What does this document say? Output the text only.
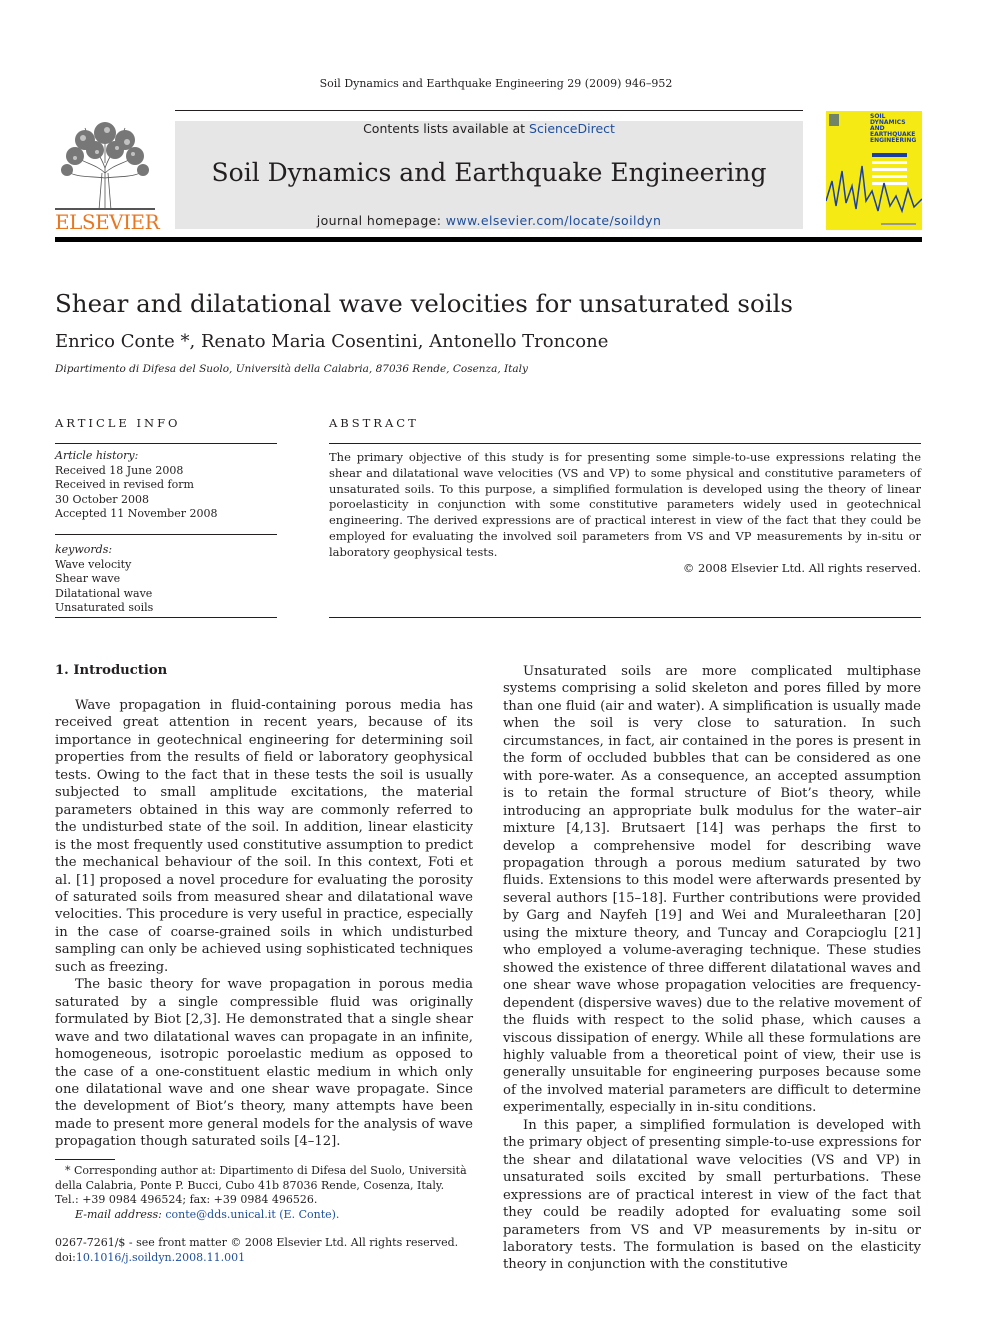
Soil Dynamics and Earthquake Engineering 29 (2009) 946–952
ELSEVIER
Contents lists available at ScienceDirect
Soil Dynamics and Earthquake Engineering
journal homepage: www.elsevier.com/locate/soildyn
SOIL DYNAMICS AND EARTHQUAKE ENGINEERING
Shear and dilatational wave velocities for unsaturated soils
Enrico Conte *, Renato Maria Cosentini, Antonello Troncone
Dipartimento di Difesa del Suolo, Università della Calabria, 87036 Rende, Cosenza, Italy
ARTICLE INFO
Article history:
Received 18 June 2008
Received in revised form
30 October 2008
Accepted 11 November 2008
keywords:
Wave velocity
Shear wave
Dilatational wave
Unsaturated soils
ABSTRACT

The primary objective of this study is for presenting some simple-to-use expressions relating the shear and dilatational wave velocities (VS and VP) to some physical and constitutive parameters of unsaturated soils. To this purpose, a simplified formulation is developed using the theory of linear poroelasticity in conjunction with some constitutive parameters widely used in geotechnical engineering. The derived expressions are of practical interest in view of the fact that they could be employed for evaluating the involved soil parameters from VS and VP measurements by in-situ or laboratory geophysical tests.

© 2008 Elsevier Ltd. All rights reserved.

1. Introduction

Wave propagation in fluid-containing porous media has received great attention in recent years, because of its importance in geotechnical engineering for determining soil properties from the results of field or laboratory geophysical tests. Owing to the fact that in these tests the soil is usually subjected to small amplitude excitations, the material parameters obtained in this way are commonly referred to the undisturbed state of the soil. In addition, linear elasticity is the most frequently used constitutive assumption to predict the mechanical behaviour of the soil. In this context, Foti et al. [1] proposed a novel procedure for evaluating the porosity of saturated soils from measured shear and dilatational wave velocities. This procedure is very useful in practice, especially in the case of coarse-grained soils in which undisturbed sampling can only be achieved using sophisticated techniques such as freezing.

The basic theory for wave propagation in porous media saturated by a single compressible fluid was originally formulated by Biot [2,3]. He demonstrated that a single shear wave and two dilatational waves can propagate in an infinite, homogeneous, isotropic poroelastic medium as opposed to the case of a one-constituent elastic medium in which only one dilatational wave and one shear wave propagate. Since the development of Biot’s theory, many attempts have been made to present more general models for the analysis of wave propagation though saturated soils [4–12].

Unsaturated soils are more complicated multiphase systems comprising a solid skeleton and pores filled by more than one fluid (air and water). A simplification is usually made when the soil is very close to saturation. In such circumstances, in fact, air contained in the pores is present in the form of occluded bubbles that can be considered as one with pore-water. As a consequence, an accepted assumption is to retain the formal structure of Biot’s theory, while introducing an appropriate bulk modulus for the water–air mixture [4,13]. Brutsaert [14] was perhaps the first to develop a comprehensive model for describing wave propagation through a porous medium saturated by two fluids. Extensions to this model were afterwards presented by several authors [15–18]. Further contributions were provided by Garg and Nayfeh [19] and Wei and Muraleetharan [20] using the mixture theory, and Tuncay and Corapcioglu [21] who employed a volume-averaging technique. These studies showed the existence of three different dilatational waves and one shear wave whose propagation velocities are frequency-dependent (dispersive waves) due to the relative movement of the fluids with respect to the solid phase, which causes a viscous dissipation of energy. While all these formulations are highly valuable from a theoretical point of view, their use is generally unsuitable for engineering purposes because some of the involved material parameters are difficult to determine experimentally, especially in in-situ conditions.

In this paper, a simplified formulation is developed with the primary object of presenting simple-to-use expressions for the shear and dilatational wave velocities (VS and VP) in unsaturated soils excited by small perturbations. These expressions are of practical interest in view of the fact that they could be readily adopted for evaluating some soil parameters from VS and VP measurements by in-situ or laboratory tests. The formulation is based on the elasticity theory in conjunction with the constitutive

* Corresponding author at: Dipartimento di Difesa del Suolo, Università della Calabria, Ponte P. Bucci, Cubo 41b 87036 Rende, Cosenza, Italy.

Tel.: +39 0984 496524; fax: +39 0984 496526.

E-mail address: conte@dds.unical.it (E. Conte).

0267-7261/$ - see front matter © 2008 Elsevier Ltd. All rights reserved.

doi:10.1016/j.soildyn.2008.11.001
